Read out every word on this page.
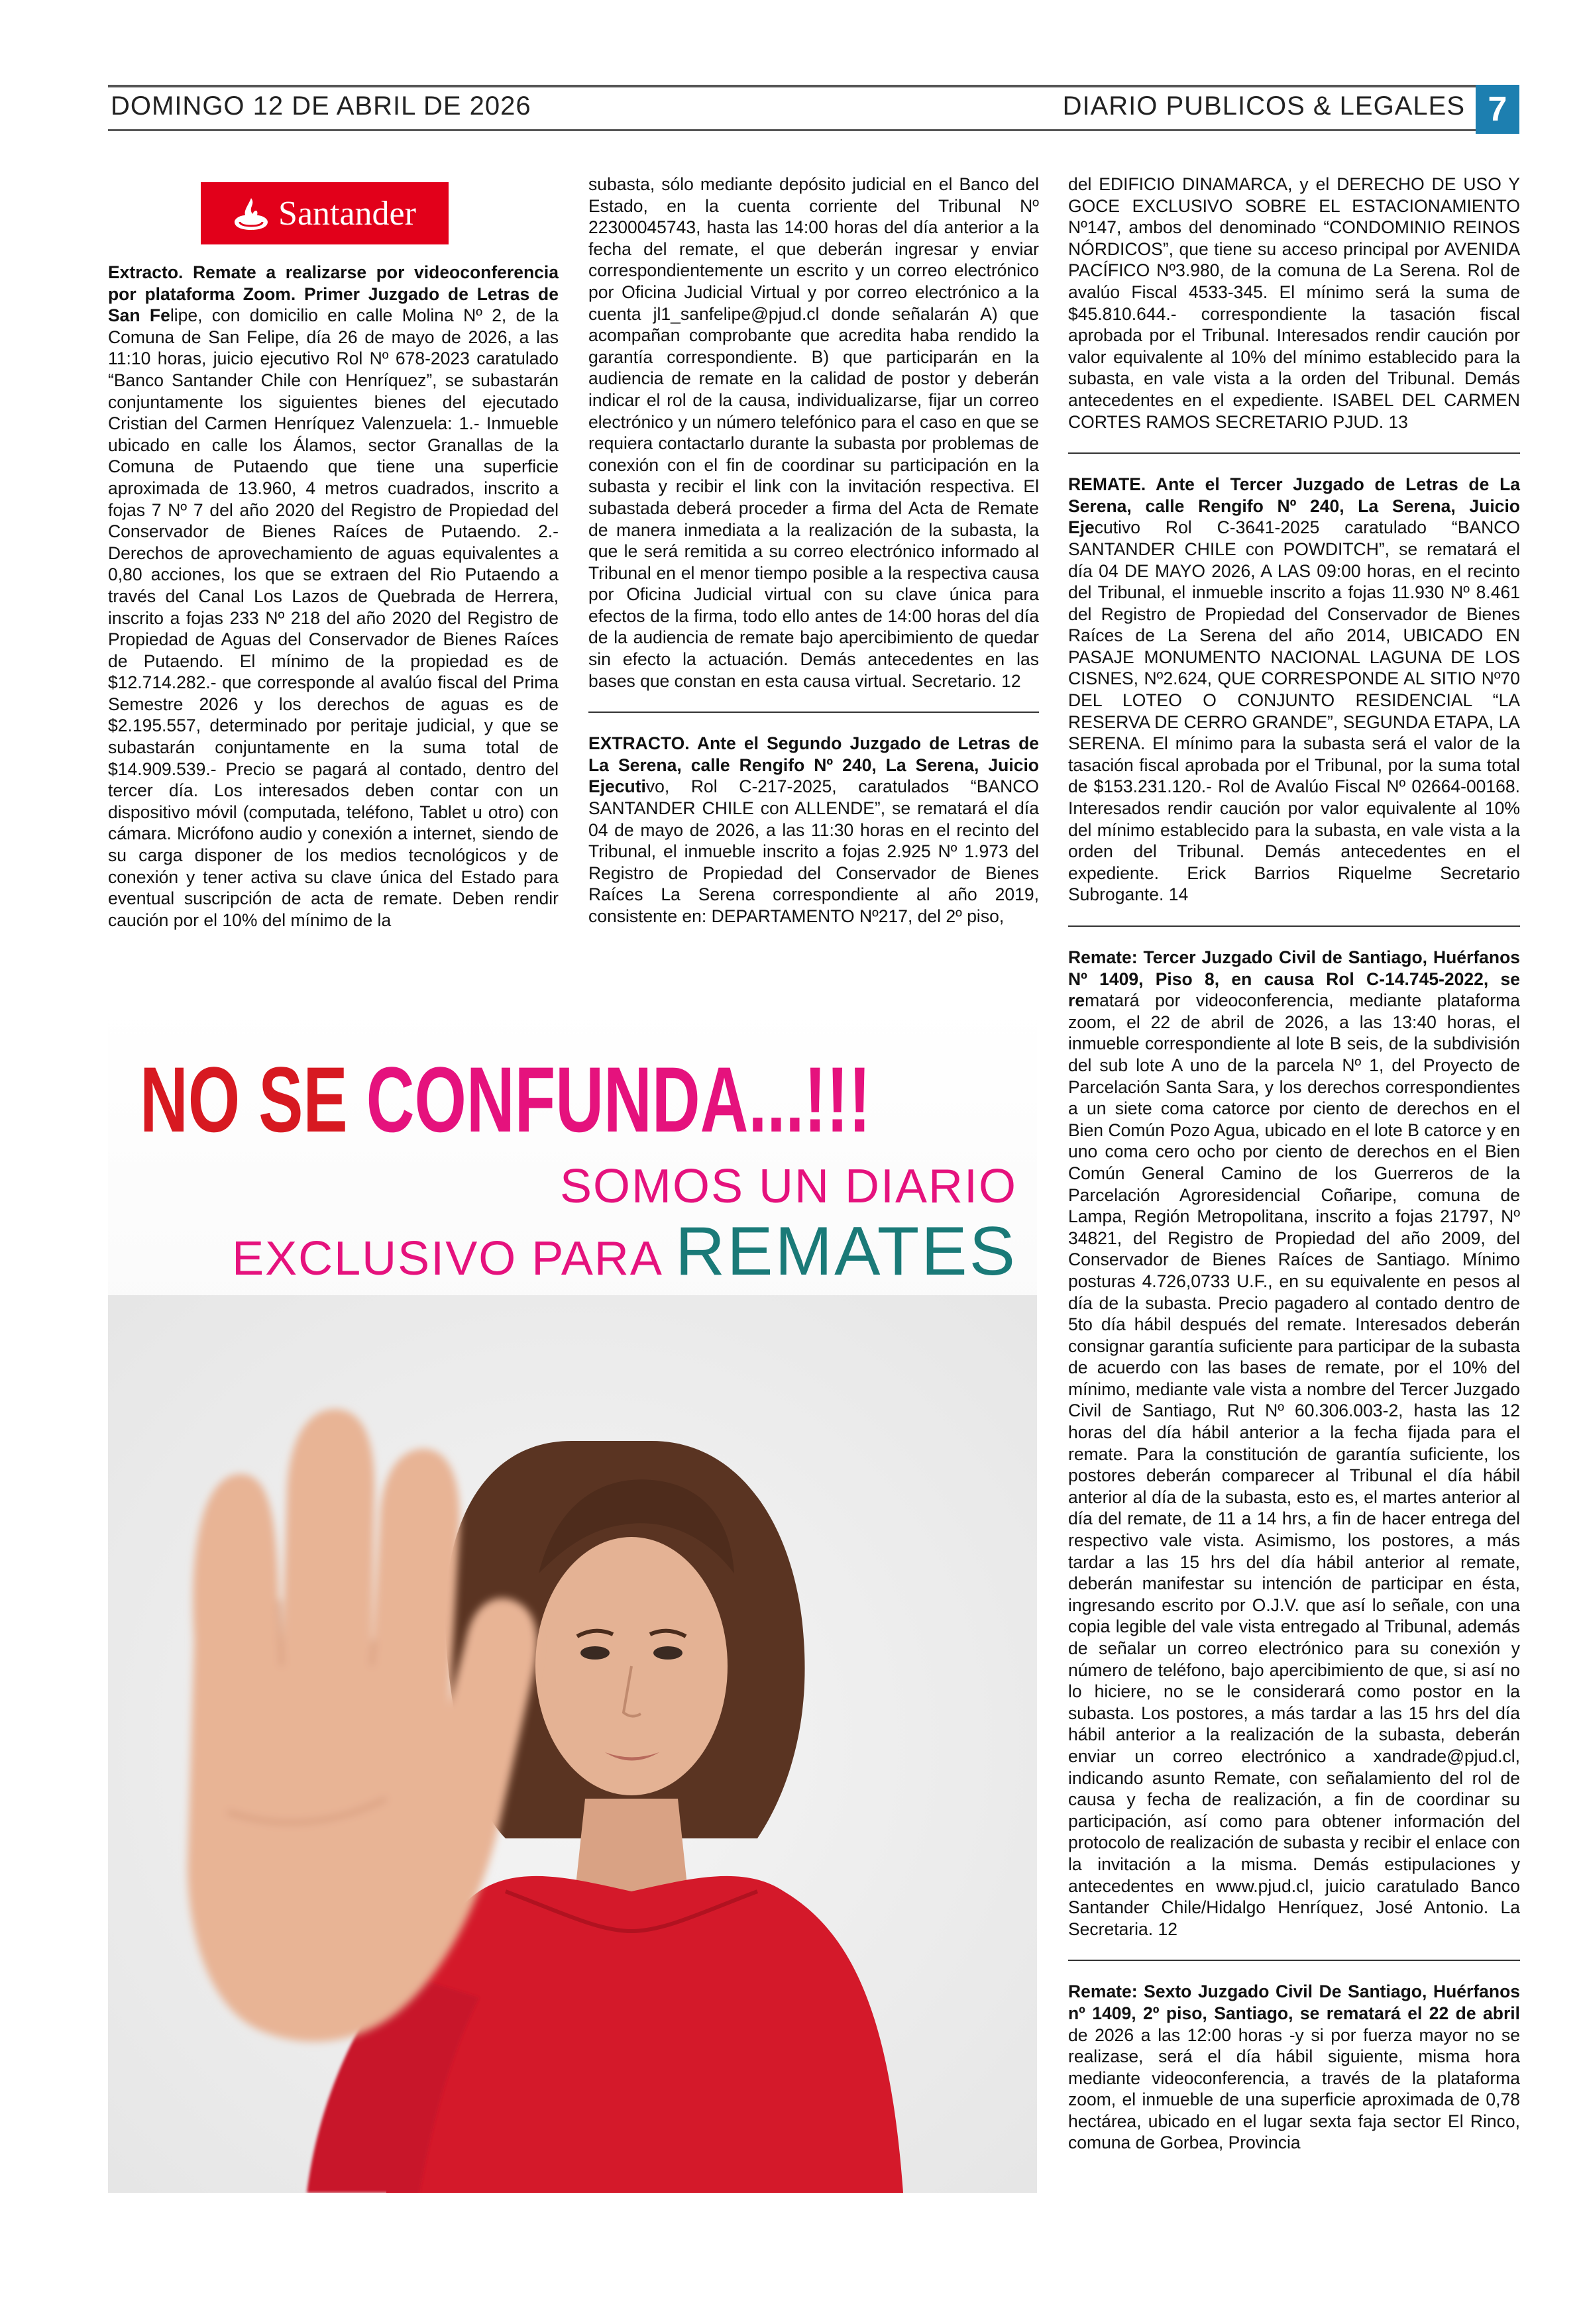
DOMINGO 12 DE ABRIL DE 2026	DIARIO PUBLICOS & LEGALES 7
Santander

Extracto. Remate a realizarse por videoconferencia por plataforma Zoom. Primer Juzgado de Letras de San Felipe, con domicilio en calle Molina Nº 2, de la Comuna de San Felipe, día 26 de mayo de 2026, a las 11:10 horas, juicio ejecutivo Rol Nº 678-2023 caratulado “Banco Santander Chile con Henríquez”, se subastarán conjuntamente los siguientes bienes del ejecutado Cristian del Carmen Henríquez Valenzuela: 1.- Inmueble ubicado en calle los Álamos, sector Granallas de la Comuna de Putaendo que tiene una superficie aproximada de 13.960, 4 metros cuadrados, inscrito a fojas 7 Nº 7 del año 2020 del Registro de Propiedad del Conservador de Bienes Raíces de Putaendo. 2.- Derechos de aprovechamiento de aguas equivalentes a 0,80 acciones, los que se extraen del Rio Putaendo a través del Canal Los Lazos de Quebrada de Herrera, inscrito a fojas 233 Nº 218 del año 2020 del Registro de Propiedad de Aguas del Conservador de Bienes Raíces de Putaendo. El mínimo de la propiedad es de $12.714.282.- que corresponde al avalúo fiscal del Prima Semestre 2026 y los derechos de aguas es de $2.195.557, determinado por peritaje judicial, y que se subastarán conjuntamente en la suma total de $14.909.539.- Precio se pagará al contado, dentro del tercer día. Los interesados deben contar con un dispositivo móvil (computada, teléfono, Tablet u otro) con cámara. Micrófono audio y conexión a internet, siendo de su carga disponer de los medios tecnológicos y de conexión y tener activa su clave única del Estado para eventual suscripción de acta de remate. Deben rendir caución por el 10% del mínimo de la

subasta, sólo mediante depósito judicial en el Banco del Estado, en la cuenta corriente del Tribunal Nº 22300045743, hasta las 14:00 horas del día anterior a la fecha del remate, el que deberán ingresar y enviar correspondientemente un escrito y un correo electrónico por Oficina Judicial Virtual y por correo electrónico a la cuenta jl1_sanfelipe@pjud.cl donde señalarán A) que acompañan comprobante que acredita haba rendido la garantía correspondiente. B) que participarán en la audiencia de remate en la calidad de postor y deberán indicar el rol de la causa, individualizarse, fijar un correo electrónico y un número telefónico para el caso en que se requiera contactarlo durante la subasta por problemas de conexión con el fin de coordinar su participación en la subasta y recibir el link con la invitación respectiva. El subastada deberá proceder a firma del Acta de Remate de manera inmediata a la realización de la subasta, la que le será remitida a su correo electrónico informado al Tribunal en el menor tiempo posible a la respectiva causa por Oficina Judicial virtual con su clave única para efectos de la firma, todo ello antes de 14:00 horas del día de la audiencia de remate bajo apercibimiento de quedar sin efecto la actuación. Demás antecedentes en las bases que constan en esta causa virtual. Secretario. 12

EXTRACTO. Ante el Segundo Juzgado de Letras de La Serena, calle Rengifo Nº 240, La Serena, Juicio Ejecutivo, Rol C-217-2025, caratulados “BANCO SANTANDER CHILE con ALLENDE”, se rematará el día 04 de mayo de 2026, a las 11:30 horas en el recinto del Tribunal, el inmueble inscrito a fojas 2.925 Nº 1.973 del Registro de Propiedad del Conservador de Bienes Raíces La Serena correspondiente al año 2019, consistente en: DEPARTAMENTO Nº217, del 2º piso,

del EDIFICIO DINAMARCA, y el DERECHO DE USO Y GOCE EXCLUSIVO SOBRE EL ESTACIONAMIENTO Nº147, ambos del denominado “CONDOMINIO REINOS NÓRDICOS”, que tiene su acceso principal por AVENIDA PACÍFICO Nº3.980, de la comuna de La Serena. Rol de avalúo Fiscal 4533-345. El mínimo será la suma de $45.810.644.- correspondiente la tasación fiscal aprobada por el Tribunal. Interesados rendir caución por valor equivalente al 10% del mínimo establecido para la subasta, en vale vista a la orden del Tribunal. Demás antecedentes en el expediente. ISABEL DEL CARMEN CORTES RAMOS SECRETARIO PJUD. 13

REMATE. Ante el Tercer Juzgado de Letras de La Serena, calle Rengifo Nº 240, La Serena, Juicio Ejecutivo Rol C-3641-2025 caratulado “BANCO SANTANDER CHILE con POWDITCH”, se rematará el día 04 DE MAYO 2026, A LAS 09:00 horas, en el recinto del Tribunal, el inmueble inscrito a fojas 11.930 Nº 8.461 del Registro de Propiedad del Conservador de Bienes Raíces de La Serena del año 2014, UBICADO EN PASAJE MONUMENTO NACIONAL LAGUNA DE LOS CISNES, Nº2.624, QUE CORRESPONDE AL SITIO Nº70 DEL LOTEO O CONJUNTO RESIDENCIAL “LA RESERVA DE CERRO GRANDE”, SEGUNDA ETAPA, LA SERENA. El mínimo para la subasta será el valor de la tasación fiscal aprobada por el Tribunal, por la suma total de $153.231.120.- Rol de Avalúo Fiscal Nº 02664-00168. Interesados rendir caución por valor equivalente al 10% del mínimo establecido para la subasta, en vale vista a la orden del Tribunal. Demás antecedentes en el expediente. Erick Barrios Riquelme Secretario Subrogante. 14

Remate: Tercer Juzgado Civil de Santiago, Huérfanos Nº 1409, Piso 8, en causa Rol C-14.745-2022, se rematará por videoconferencia, mediante plataforma zoom, el 22 de abril de 2026, a las 13:40 horas, el inmueble correspondiente al lote B seis, de la subdivisión del sub lote A uno de la parcela Nº 1, del Proyecto de Parcelación Santa Sara, y los derechos correspondientes a un siete coma catorce por ciento de derechos en el Bien Común Pozo Agua, ubicado en el lote B catorce y en uno coma cero ocho por ciento de derechos en el Bien Común General Camino de los Guerreros de la Parcelación Agroresidencial Coñaripe, comuna de Lampa, Región Metropolitana, inscrito a fojas 21797, Nº 34821, del Registro de Propiedad del año 2009, del Conservador de Bienes Raíces de Santiago. Mínimo posturas 4.726,0733 U.F., en su equivalente en pesos al día de la subasta. Precio pagadero al contado dentro de 5to día hábil después del remate. Interesados deberán consignar garantía suficiente para participar de la subasta de acuerdo con las bases de remate, por el 10% del mínimo, mediante vale vista a nombre del Tercer Juzgado Civil de Santiago, Rut Nº 60.306.003-2, hasta las 12 horas del día hábil anterior a la fecha fijada para el remate. Para la constitución de garantía suficiente, los postores deberán comparecer al Tribunal el día hábil anterior al día de la subasta, esto es, el martes anterior al día del remate, de 11 a 14 hrs, a fin de hacer entrega del respectivo vale vista. Asimismo, los postores, a más tardar a las 15 hrs del día hábil anterior al remate, deberán manifestar su intención de participar en ésta, ingresando escrito por O.J.V. que así lo señale, con una copia legible del vale vista entregado al Tribunal, además de señalar un correo electrónico para su conexión y número de teléfono, bajo apercibimiento de que, si así no lo hiciere, no se le considerará como postor en la subasta. Los postores, a más tardar a las 15 hrs del día hábil anterior a la realización de la subasta, deberán enviar un correo electrónico a xandrade@pjud.cl, indicando asunto Remate, con señalamiento del rol de causa y fecha de realización, a fin de coordinar su participación, así como para obtener información del protocolo de realización de subasta y recibir el enlace con la invitación a la misma. Demás estipulaciones y antecedentes en www.pjud.cl, juicio caratulado Banco Santander Chile/Hidalgo Henríquez, José Antonio. La Secretaria. 12

Remate: Sexto Juzgado Civil De Santiago, Huérfanos nº 1409, 2º piso, Santiago, se rematará el 22 de abril de 2026 a las 12:00 horas -y si por fuerza mayor no se realizase, será el día hábil siguiente, misma hora mediante videoconferencia, a través de la plataforma zoom, el inmueble de una superficie aproximada de 0,78 hectárea, ubicado en el lugar sexta faja sector El Rinco, comuna de Gorbea, Provincia

NO SE CONFUNDA...!!!
SOMOS UN DIARIO
EXCLUSIVO PARA REMATES
